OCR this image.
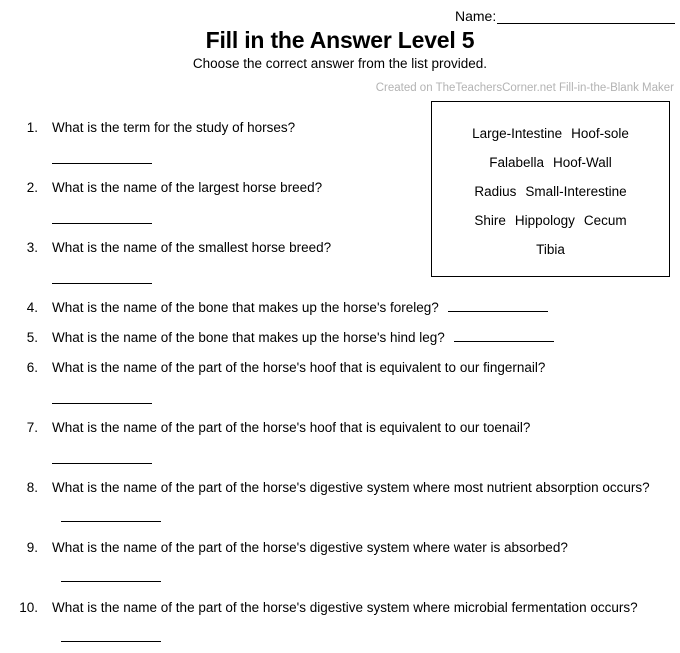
Name:
Fill in the Answer Level 5

Choose the correct answer from the list provided.

Created on TheTeachersCorner.net Fill-in-the-Blank Maker
Large-Intestine Hoof-sole
Falabella Hoof-Wall
Radius Small-Interestine
Shire Hippology Cecum
Tibia
1. What is the term for the study of horses?
2. What is the name of the largest horse breed?
3. What is the name of the smallest horse breed?
4. What is the name of the bone that makes up the horse's foreleg?
5. What is the name of the bone that makes up the horse's hind leg?
6. What is the name of the part of the horse's hoof that is equivalent to our fingernail?
7. What is the name of the part of the horse's hoof that is equivalent to our toenail?
8. What is the name of the part of the horse's digestive system where most nutrient absorption occurs?
9. What is the name of the part of the horse's digestive system where water is absorbed?
10. What is the name of the part of the horse's digestive system where microbial fermentation occurs?
